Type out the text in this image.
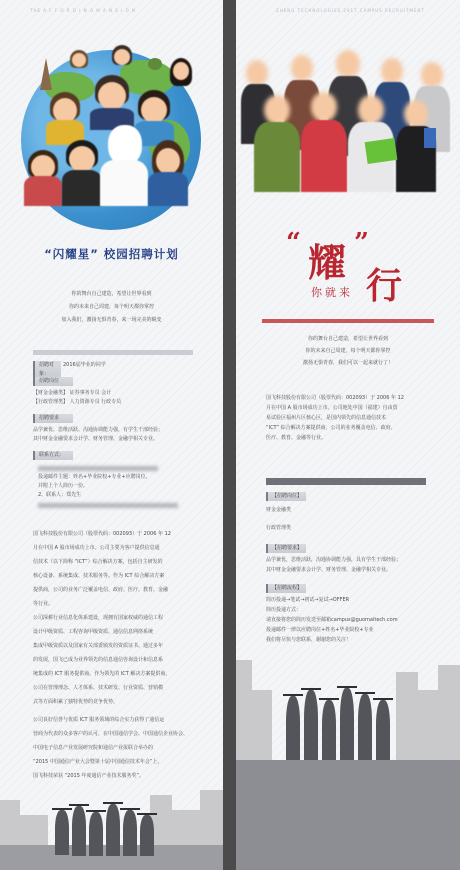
THE A F F O R D I N G M A N S I O N
“闪耀星” 校园招聘计划
你的舞台自己建造，希望让世界看到
你的未来自己周建，每个明天都你掌控
加入我们，激扬无惧青春，来一场完美的蜕变
招聘对象：
2016届毕业的同学
招聘岗位
【财金金融类】 证券事务专员 会计
【行政管理类】 人力资源专员 行政专员
招聘要求
品学兼优、思维活跃、沟通协调能力强，有学生干部经验；
其中财金金融要求会计学、财务管理、金融学相关专业。
联系方式：
投递邮件主题：姓名+毕业院校+专业+应聘岗位，
并附上个人简历一份。
2、联系人：郑先生
国飞科技股份有限公司（股票代码：002093）于 2006 年 12
月在中国 A 股市场成功上市。公司主要为客户提供信息通
信技术（以下简称 “ICT”）综合解决方案，包括自主研发的
核心设备、系统集成、技术服务等。作为 ICT 综合解决方案
提供商，公司的业务广泛覆盖电信、政府、医疗、教育、金融
等行业。
公司深耕行业信息化体系建设，现拥有国家权威的通信工程
设计甲级资质、工程咨询甲级资质、通信信息网络系统
集成甲级资质以及国家有关部委颁发的资质证书。通过多年
的发展，国飞已成为业界领先的信息通信咨询设计和信息系
统集成的 ICT 服务提供商。作为领先的 ICT 解决方案提供商，
公司在管理理念、人才体系、技术研发、行业资质、营销模
式等方面积累了独特优势的竞争优势。
公司良好信誉与优质 ICT 服务领域的综合实力获得了通信运
营商为代表的众多客户的认可，在中国通信学会、中国通信企业协会、
中国电子信息产业发展研究院和通信产业报联合举办的
“2015 中国通信产业大会暨第十届中国通信技术年会”上，
国飞科技荣获 “2015 年度通信产业技术服务奖”。
ZHENG TECHNOLOGIES 2017 CAMPUS RECRUITMENT
“ 耀 ”
你就来 行
你的舞台自己建造，希望让世界看到
你的未来自己周建，每个明天都你掌控
激扬无惧青春，我们可以一起来就行了！
国飞科技股份有限公司（股票代码：002093）于 2006 年 12
月在中国 A 股市场成功上市。公司地处中国（福建）自由贸
易试验区福州片区核心区，是国内领先的信息通信技术
“ICT” 综合解决方案提供商，公司的业务覆盖电信、政府、
医疗、教育、金融等行业。
【招聘岗位】
财金金融类
行政管理类
【招聘要求】
品学兼优，思维活跃，沟通协调能力强，具有学生干部经验；
其中财金金融要求会计学、财务管理、金融学相关专业。
【招聘流程】
简历投递→笔试→初试→复试→OFFER
简历投递方式：
请直接将您的简历发送至邮箱campus@guomaitech.com
投递邮件一律以应聘岗位+姓名+毕业院校+专业
我们将尽快与您联系，谢谢您的关注！
